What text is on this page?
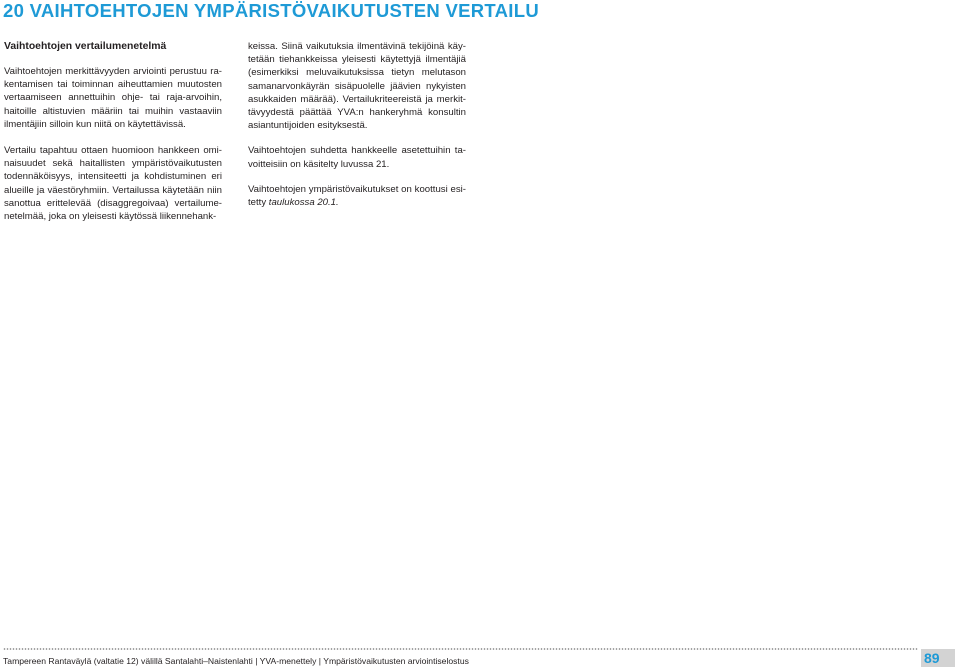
20 VAIHTOEHTOJEN YMPÄRISTÖVAIKUTUSTEN VERTAILU
Vaihtoehtojen vertailumenetelmä

Vaihtoehtojen merkittävyyden arviointi perustuu rakentamisen tai toiminnan aiheuttamien muutosten vertaamiseen annettuihin ohje- tai raja-arvoihin, haitoille altistuvien määriin tai muihin vastaaviin ilmentäjiin silloin kun niitä on käytettävissä.

Vertailu tapahtuu ottaen huomioon hankkeen ominaisuudet sekä haitallisten ympäristövaikutusten todennäköisyys, intensiteetti ja kohdistuminen eri alueille ja väestöryhmiin. Vertailussa käytetään niin sanottua erittelevää (disaggregoivaa) vertailumenetelmää, joka on yleisesti käytössä liikennehank-

keissa. Siinä vaikutuksia ilmentävinä tekijöinä käytetään tiehankkeissa yleisesti käytettyjä ilmentäjiä (esimerkiksi meluvaikutuksissa tietyn melutason samanarvonkäyrän sisäpuolelle jäävien nykyisten asukkaiden määrää). Vertailukriteereistä ja merkittävyydestä päättää YVA:n hankeryhmä konsultin asiantuntijoiden esityksestä.

Vaihtoehtojen suhdetta hankkeelle asetettuihin tavoitteisiin on käsitelty luvussa 21.

Vaihtoehtojen ympäristövaikutukset on koottusi esitetty taulukossa 20.1.

Tampereen Rantaväylä (valtatie 12) välillä Santalahti–Naistenlahti | YVA-menettely | Ympäristövaikutusten arviointiselostus	89
